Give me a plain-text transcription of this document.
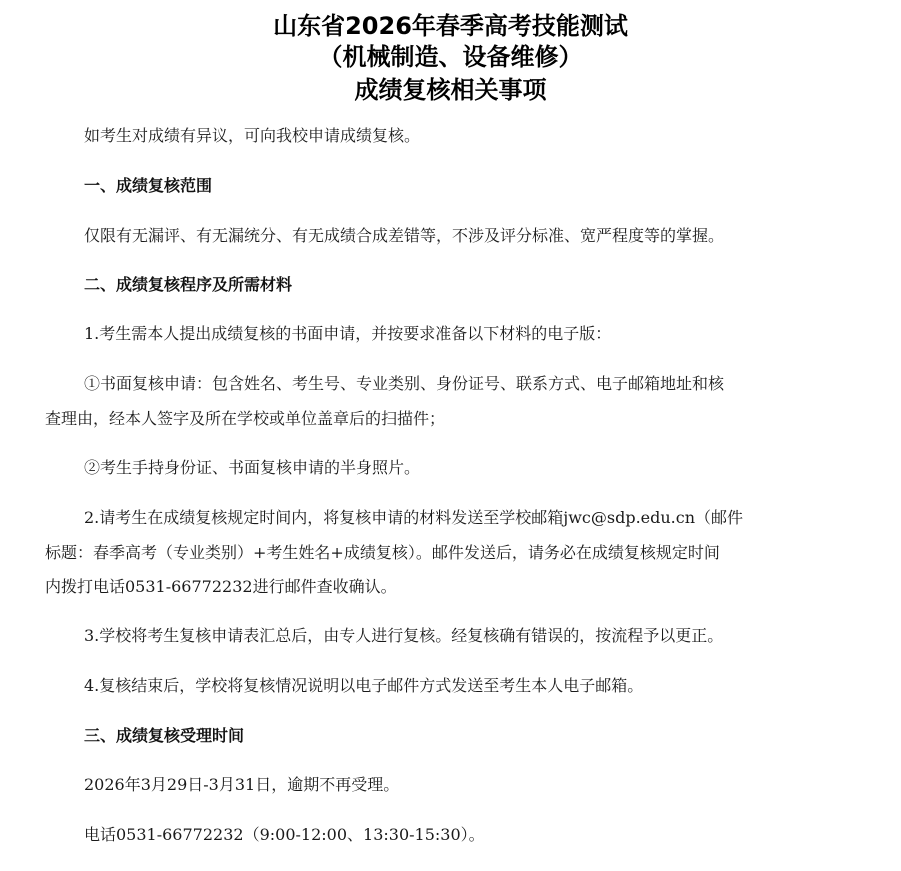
山东省2026年春季高考技能测试
（机械制造、设备维修）
成绩复核相关事项
如考生对成绩有异议，可向我校申请成绩复核。
一、成绩复核范围
仅限有无漏评、有无漏统分、有无成绩合成差错等，不涉及评分标准、宽严程度等的掌握。
二、成绩复核程序及所需材料
1.考生需本人提出成绩复核的书面申请，并按要求准备以下材料的电子版：
①书面复核申请：包含姓名、考生号、专业类别、身份证号、联系方式、电子邮箱地址和核
查理由，经本人签字及所在学校或单位盖章后的扫描件；
②考生手持身份证、书面复核申请的半身照片。
2.请考生在成绩复核规定时间内，将复核申请的材料发送至学校邮箱jwc@sdp.edu.cn（邮件
标题：春季高考（专业类别）+考生姓名+成绩复核）。邮件发送后，请务必在成绩复核规定时间
内拨打电话0531-66772232进行邮件查收确认。
3.学校将考生复核申请表汇总后，由专人进行复核。经复核确有错误的，按流程予以更正。
4.复核结束后，学校将复核情况说明以电子邮件方式发送至考生本人电子邮箱。
三、成绩复核受理时间
2026年3月29日-3月31日，逾期不再受理。
电话0531-66772232（9:00-12:00、13:30-15:30）。
